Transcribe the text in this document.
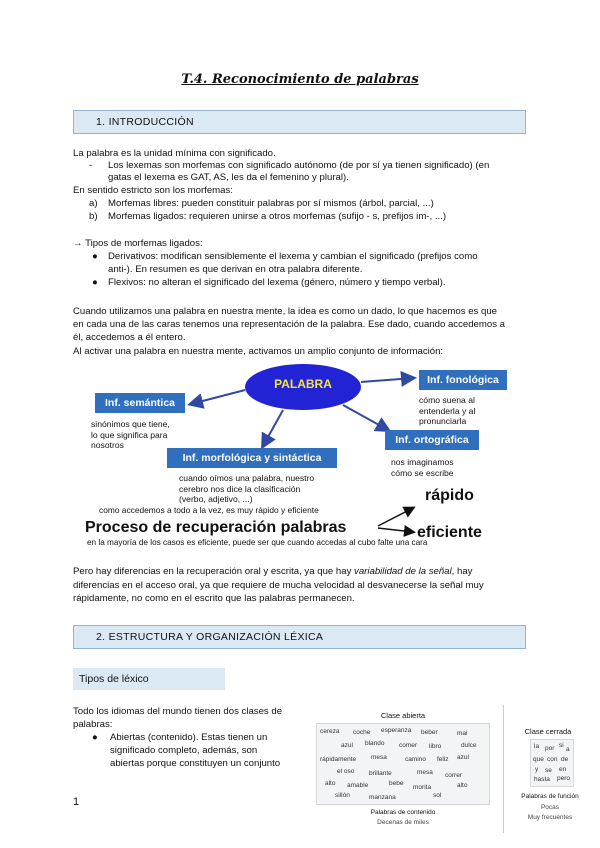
T.4. Reconocimiento de palabras
1. INTRODUCCIÓN
La palabra es la unidad mínima con significado.
- Los lexemas son morfemas con significado autónomo (de por sí ya tienen significado) (en
gatas el lexema es GAT, AS, les da el femenino y plural).
En sentido estricto son los morfemas:
a) Morfemas libres: pueden constituir palabras por sí mismos (árbol, parcial, ...)
b) Morfemas ligados: requieren unirse a otros morfemas (sufijo - s, prefijos im-, ...)
→ Tipos de morfemas ligados:
● Derivativos: modifican sensiblemente el lexema y cambian el significado (prefijos como
anti-). En resumen es que derivan en otra palabra diferente.
● Flexivos: no alteran el significado del lexema (género, número y tiempo verbal).
Cuando utilizamos una palabra en nuestra mente, la idea es como un dado, lo que hacemos es que
en cada una de las caras tenemos una representación de la palabra. Ese dado, cuando accedemos a
él, accedemos a él entero.
Al activar una palabra en nuestra mente, activamos un amplio conjunto de información:
PALABRA
Inf. semántica
sinónimos que tiene,
lo que significa para
nosotros
Inf. fonológica
cómo suena al
entenderla y al
pronunciarla
Inf. ortográfica
nos imaginamos
cómo se escribe
Inf. morfológica y sintáctica
cuando oímos una palabra, nuestro
cerebro nos dice la clasificación
(verbo, adjetivo, ...)
como accedemos a todo a la vez, es muy rápido y eficiente
Proceso de recuperación palabras
rápido
eficiente
en la mayoría de los casos es eficiente, puede ser que cuando accedas al cubo falte una cara
Pero hay diferencias en la recuperación oral y escrita, ya que hay variabilidad de la señal, hay
diferencias en el acceso oral, ya que requiere de mucha velocidad al desvanecerse la señal muy
rápidamente, no como en el escrito que las palabras permanecen.
2. ESTRUCTURA Y ORGANIZACIÓN LÉXICA
Tipos de léxico
Todo los idiomas del mundo tienen dos clases de
palabras:
● Abiertas (contenido). Estas tienen un
significado completo, además, son
abiertas porque constituyen un conjunto
Clase abierta
cereza coche esperanza beber	mal
azul blando comer libro	dulce
rápidamente mesa	camino feliz azul
el oso brillante	mesa correr
alto amable	bebe
morita	alto
sillón	manzana	sol
Palabras de contenido
Decenas de miles
Clase cerrada
la por si
a
que con de
y se en
hasta pero
Palabras de función
Pocas
Muy frecuentes
1
